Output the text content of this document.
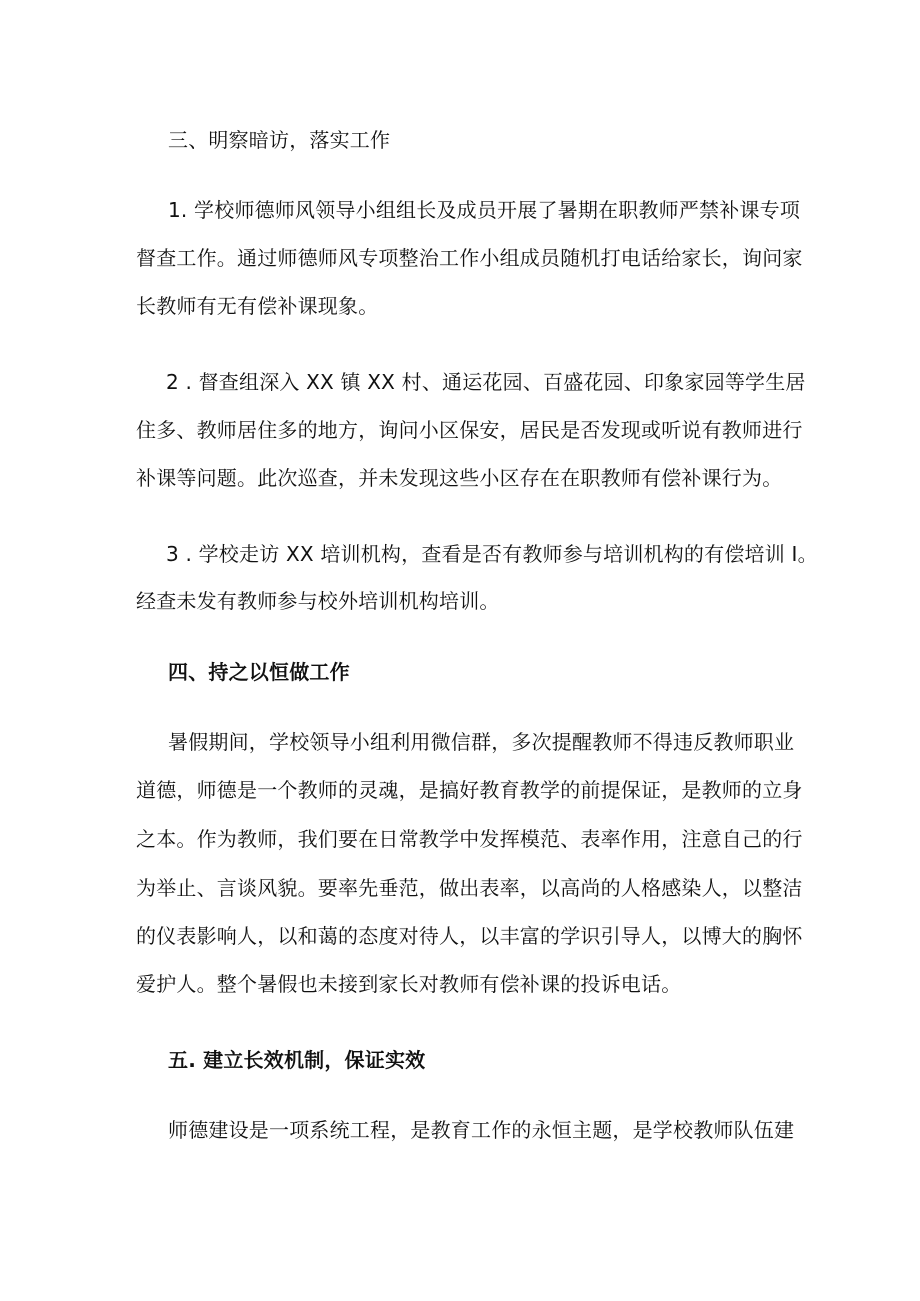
三、明察暗访，落实工作
1. 学校师德师风领导小组组长及成员开展了暑期在职教师严禁补课专项
督查工作。通过师德师风专项整治工作小组成员随机打电话给家长，询问家
长教师有无有偿补课现象。
2 . 督查组深入 XX 镇 XX 村、通运花园、百盛花园、印象家园等学生居
住多、教师居住多的地方，询问小区保安，居民是否发现或听说有教师进行
补课等问题。此次巡查，并未发现这些小区存在在职教师有偿补课行为。
3 . 学校走访 XX 培训机构，查看是否有教师参与培训机构的有偿培训 I。
经查未发有教师参与校外培训机构培训。
四、持之以恒做工作
暑假期间，学校领导小组利用微信群，多次提醒教师不得违反教师职业
道德，师德是一个教师的灵魂，是搞好教育教学的前提保证，是教师的立身
之本。作为教师，我们要在日常教学中发挥模范、表率作用，注意自己的行
为举止、言谈风貌。要率先垂范，做出表率，以高尚的人格感染人，以整洁
的仪表影响人，以和蔼的态度对待人，以丰富的学识引导人，以博大的胸怀
爱护人。整个暑假也未接到家长对教师有偿补课的投诉电话。
五. 建立长效机制，保证实效
师德建设是一项系统工程，是教育工作的永恒主题，是学校教师队伍建
